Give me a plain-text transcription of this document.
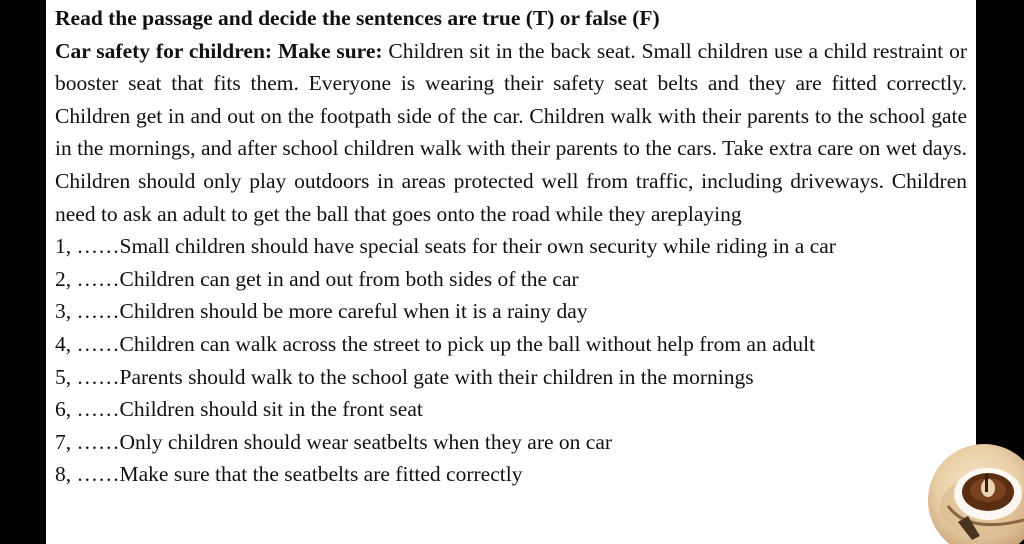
Read the passage and decide the sentences are true (T) or false (F)

Car safety for children: Make sure: Children sit in the back seat. Small children use a child restraint or booster seat that fits them. Everyone is wearing their safety seat belts and they are fitted correctly. Children get in and out on the footpath side of the car. Children walk with their parents to the school gate in the mornings, and after school children walk with their parents to the cars. Take extra care on wet days. Children should only play outdoors in areas protected well from traffic, including driveways. Children need to ask an adult to get the ball that goes onto the road while they areplaying

1, ……Small children should have special seats for their own security while riding in a car
2, ……Children can get in and out from both sides of the car
3, ……Children should be more careful when it is a rainy day
4, ……Children can walk across the street to pick up the ball without help from an adult
5, ……Parents should walk to the school gate with their children in the mornings
6, ……Children should sit in the front seat
7, ……Only children should wear seatbelts when they are on car
8, ……Make sure that the seatbelts are fitted correctly
